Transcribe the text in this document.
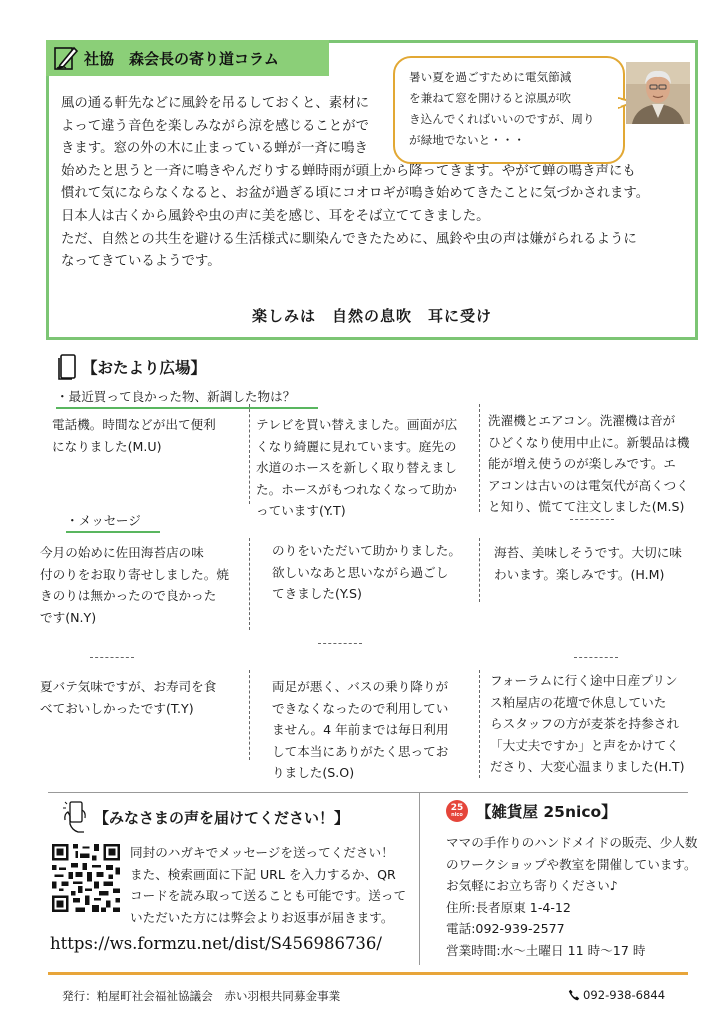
社協　森会長の寄り道コラム

風の通る軒先などに風鈴を吊るしておくと、素材に

よって違う音色を楽しみながら涼を感じることがで

きます。窓の外の木に止まっている蝉が一斉に鳴き

始めたと思うと一斉に鳴きやんだりする蝉時雨が頭上から降ってきます。やがて蝉の鳴き声にも

慣れて気にならなくなると、お盆が過ぎる頃にコオロギが鳴き始めてきたことに気づかされます。

日本人は古くから風鈴や虫の声に美を感じ、耳をそば立ててきました。

ただ、自然との共生を避ける生活様式に馴染んできたために、風鈴や虫の声は嫌がられるように

なってきているようです。

楽しみは　自然の息吹　耳に受け
暑い夏を過ごすために電気節減
を兼ねて窓を開けると涼風が吹
き込んでくればいいのですが、周り
が緑地でないと・・・
【おたより広場】
・最近買って良かった物、新調した物は？
電話機。時間などが出て便利
になりました(M.U)
テレビを買い替えました。画面が広
くなり綺麗に見れています。庭先の
水道のホースを新しく取り替えまし
た。ホースがもつれなくなって助か
っています(Y.T)
洗濯機とエアコン。洗濯機は音が
ひどくなり使用中止に。新製品は機
能が増え使うのが楽しみです。エ
アコンは古いのは電気代が高くつく
と知り、慌てて注文しました(M.S)
・メッセージ
今月の始めに佐田海苔店の味
付のりをお取り寄せしました。焼
きのりは無かったので良かった
です(N.Y)
のりをいただいて助かりました。
欲しいなあと思いながら過ごし
てきました(Y.S)
海苔、美味しそうです。大切に味
わいます。楽しみです。(H.M)
夏バテ気味ですが、お寿司を食
べておいしかったです(T.Y)
両足が悪く、バスの乗り降りが
できなくなったので利用してい
ません。4 年前までは毎日利用
して本当にありがたく思ってお
りました(S.O)
フォーラムに行く途中日産プリン
ス粕屋店の花壇で休息していた
らスタッフの方が麦茶を持参され
「大丈夫ですか」と声をかけてく
ださり、大変心温まりました(H.T)
【みなさまの声を届けてください！】
同封のハガキでメッセージを送ってください！
また、検索画面に下記 URL を入力するか、QR
コードを読み取って送ることも可能です。送って
いただいた方には弊会よりお返事が届きます。
https://ws.formzu.net/dist/S456986736/
25
nico 【雑貨屋 25nico】
ママの手作りのハンドメイドの販売、少人数
のワークショップや教室を開催しています。
お気軽にお立ち寄りください♪
住所:長者原東 1-4-12
電話:092-939-2577
営業時間:水～土曜日 11 時～17 時
発行：粕屋町社会福祉協議会　赤い羽根共同募金事業	092-938-6844
